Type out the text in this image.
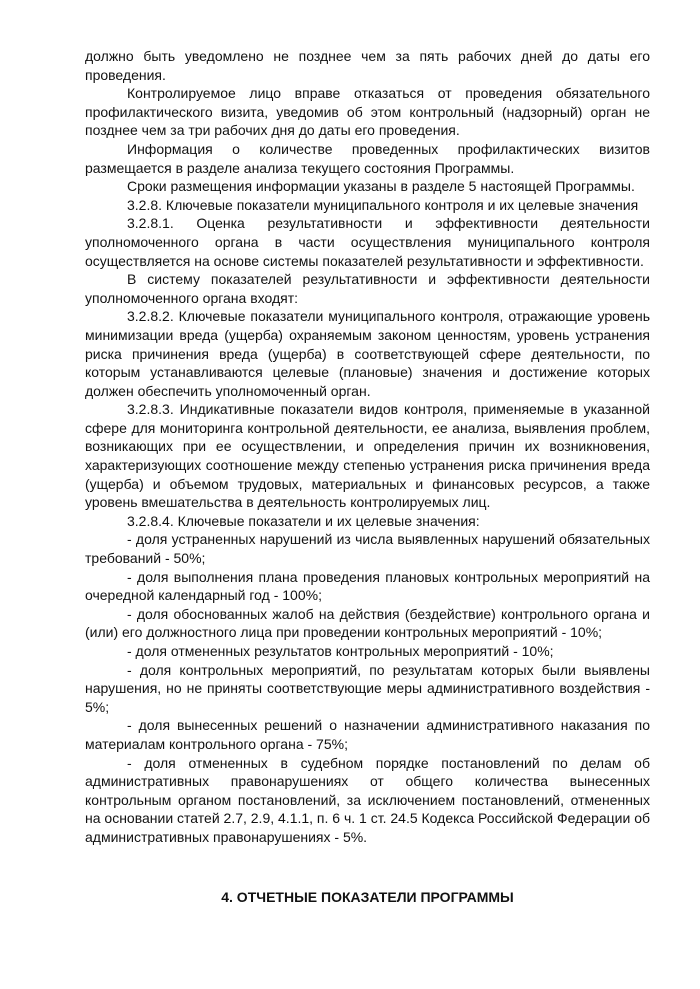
должно быть уведомлено не позднее чем за пять рабочих дней до даты его проведения.

Контролируемое лицо вправе отказаться от проведения обязательного профилактического визита, уведомив об этом контрольный (надзорный) орган не позднее чем за три рабочих дня до даты его проведения.

Информация о количестве проведенных профилактических визитов размещается в разделе анализа текущего состояния Программы.

Сроки размещения информации указаны в разделе 5 настоящей Программы.

3.2.8. Ключевые показатели муниципального контроля и их целевые значения

3.2.8.1. Оценка результативности и эффективности деятельности уполномоченного органа в части осуществления муниципального контроля осуществляется на основе системы показателей результативности и эффективности.

В систему показателей результативности и эффективности деятельности уполномоченного органа входят:

3.2.8.2. Ключевые показатели муниципального контроля, отражающие уровень минимизации вреда (ущерба) охраняемым законом ценностям, уровень устранения риска причинения вреда (ущерба) в соответствующей сфере деятельности, по которым устанавливаются целевые (плановые) значения и достижение которых должен обеспечить уполномоченный орган.

3.2.8.3. Индикативные показатели видов контроля, применяемые в указанной сфере для мониторинга контрольной деятельности, ее анализа, выявления проблем, возникающих при ее осуществлении, и определения причин их возникновения, характеризующих соотношение между степенью устранения риска причинения вреда (ущерба) и объемом трудовых, материальных и финансовых ресурсов, а также уровень вмешательства в деятельность контролируемых лиц.

3.2.8.4. Ключевые показатели и их целевые значения:

- доля устраненных нарушений из числа выявленных нарушений обязательных требований - 50%;

- доля выполнения плана проведения плановых контрольных мероприятий на очередной календарный год - 100%;

- доля обоснованных жалоб на действия (бездействие) контрольного органа и (или) его должностного лица при проведении контрольных мероприятий - 10%;

- доля отмененных результатов контрольных мероприятий - 10%;

- доля контрольных мероприятий, по результатам которых были выявлены нарушения, но не приняты соответствующие меры административного воздействия - 5%;

- доля вынесенных решений о назначении административного наказания по материалам контрольного органа - 75%;

- доля отмененных в судебном порядке постановлений по делам об административных правонарушениях от общего количества вынесенных контрольным органом постановлений, за исключением постановлений, отмененных на основании статей 2.7, 2.9, 4.1.1, п. 6 ч. 1 ст. 24.5 Кодекса Российской Федерации об административных правонарушениях - 5%.

4. ОТЧЕТНЫЕ ПОКАЗАТЕЛИ ПРОГРАММЫ
